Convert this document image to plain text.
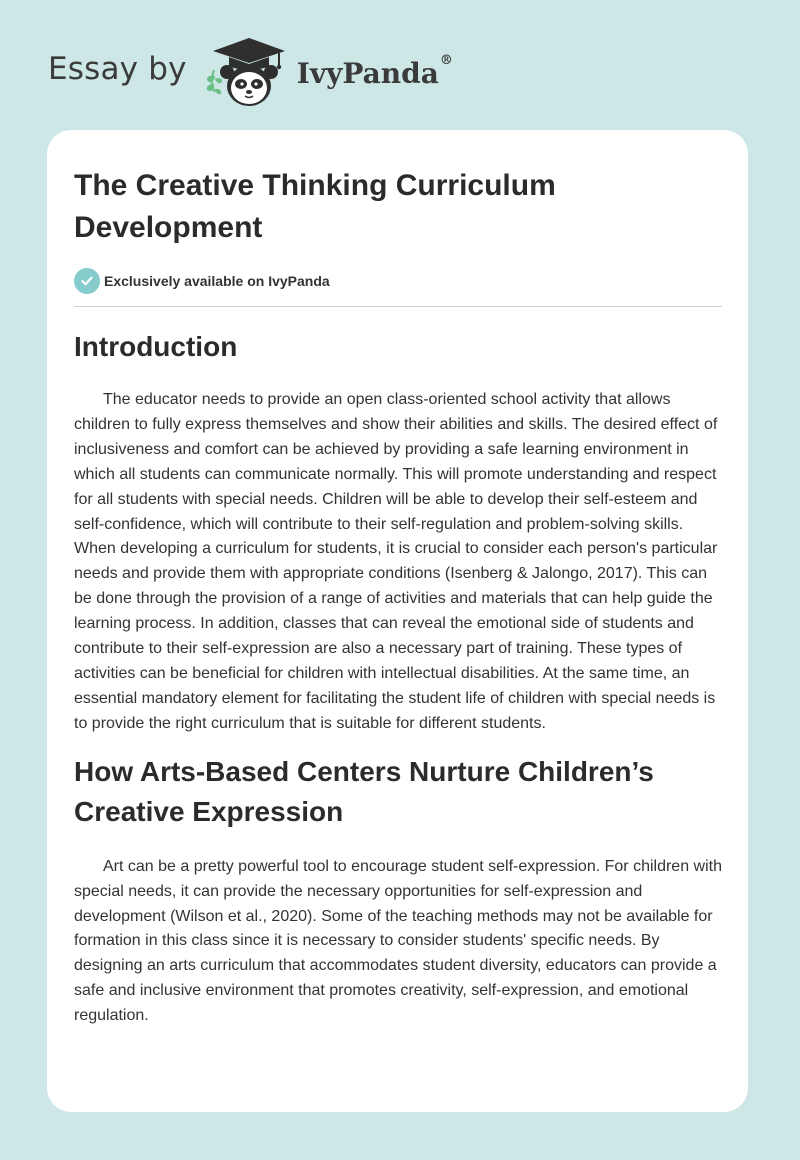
Essay by	IvyPanda®
The Creative Thinking Curriculum Development
Exclusively available on IvyPanda
Introduction

The educator needs to provide an open class-oriented school activity that allows children to fully express themselves and show their abilities and skills. The desired effect of inclusiveness and comfort can be achieved by providing a safe learning environment in which all students can communicate normally. This will promote understanding and respect for all students with special needs. Children will be able to develop their self-esteem and self-confidence, which will contribute to their self-regulation and problem-solving skills. When developing a curriculum for students, it is crucial to consider each person's particular needs and provide them with appropriate conditions (Isenberg & Jalongo, 2017). This can be done through the provision of a range of activities and materials that can help guide the learning process. In addition, classes that can reveal the emotional side of students and contribute to their self-expression are also a necessary part of training. These types of activities can be beneficial for children with intellectual disabilities. At the same time, an essential mandatory element for facilitating the student life of children with special needs is to provide the right curriculum that is suitable for different students.

How Arts-Based Centers Nurture Children’s Creative Expression

Art can be a pretty powerful tool to encourage student self-expression. For children with special needs, it can provide the necessary opportunities for self-expression and development (Wilson et al., 2020). Some of the teaching methods may not be available for formation in this class since it is necessary to consider students' specific needs. By designing an arts curriculum that accommodates student diversity, educators can provide a safe and inclusive environment that promotes creativity, self-expression, and emotional regulation.
